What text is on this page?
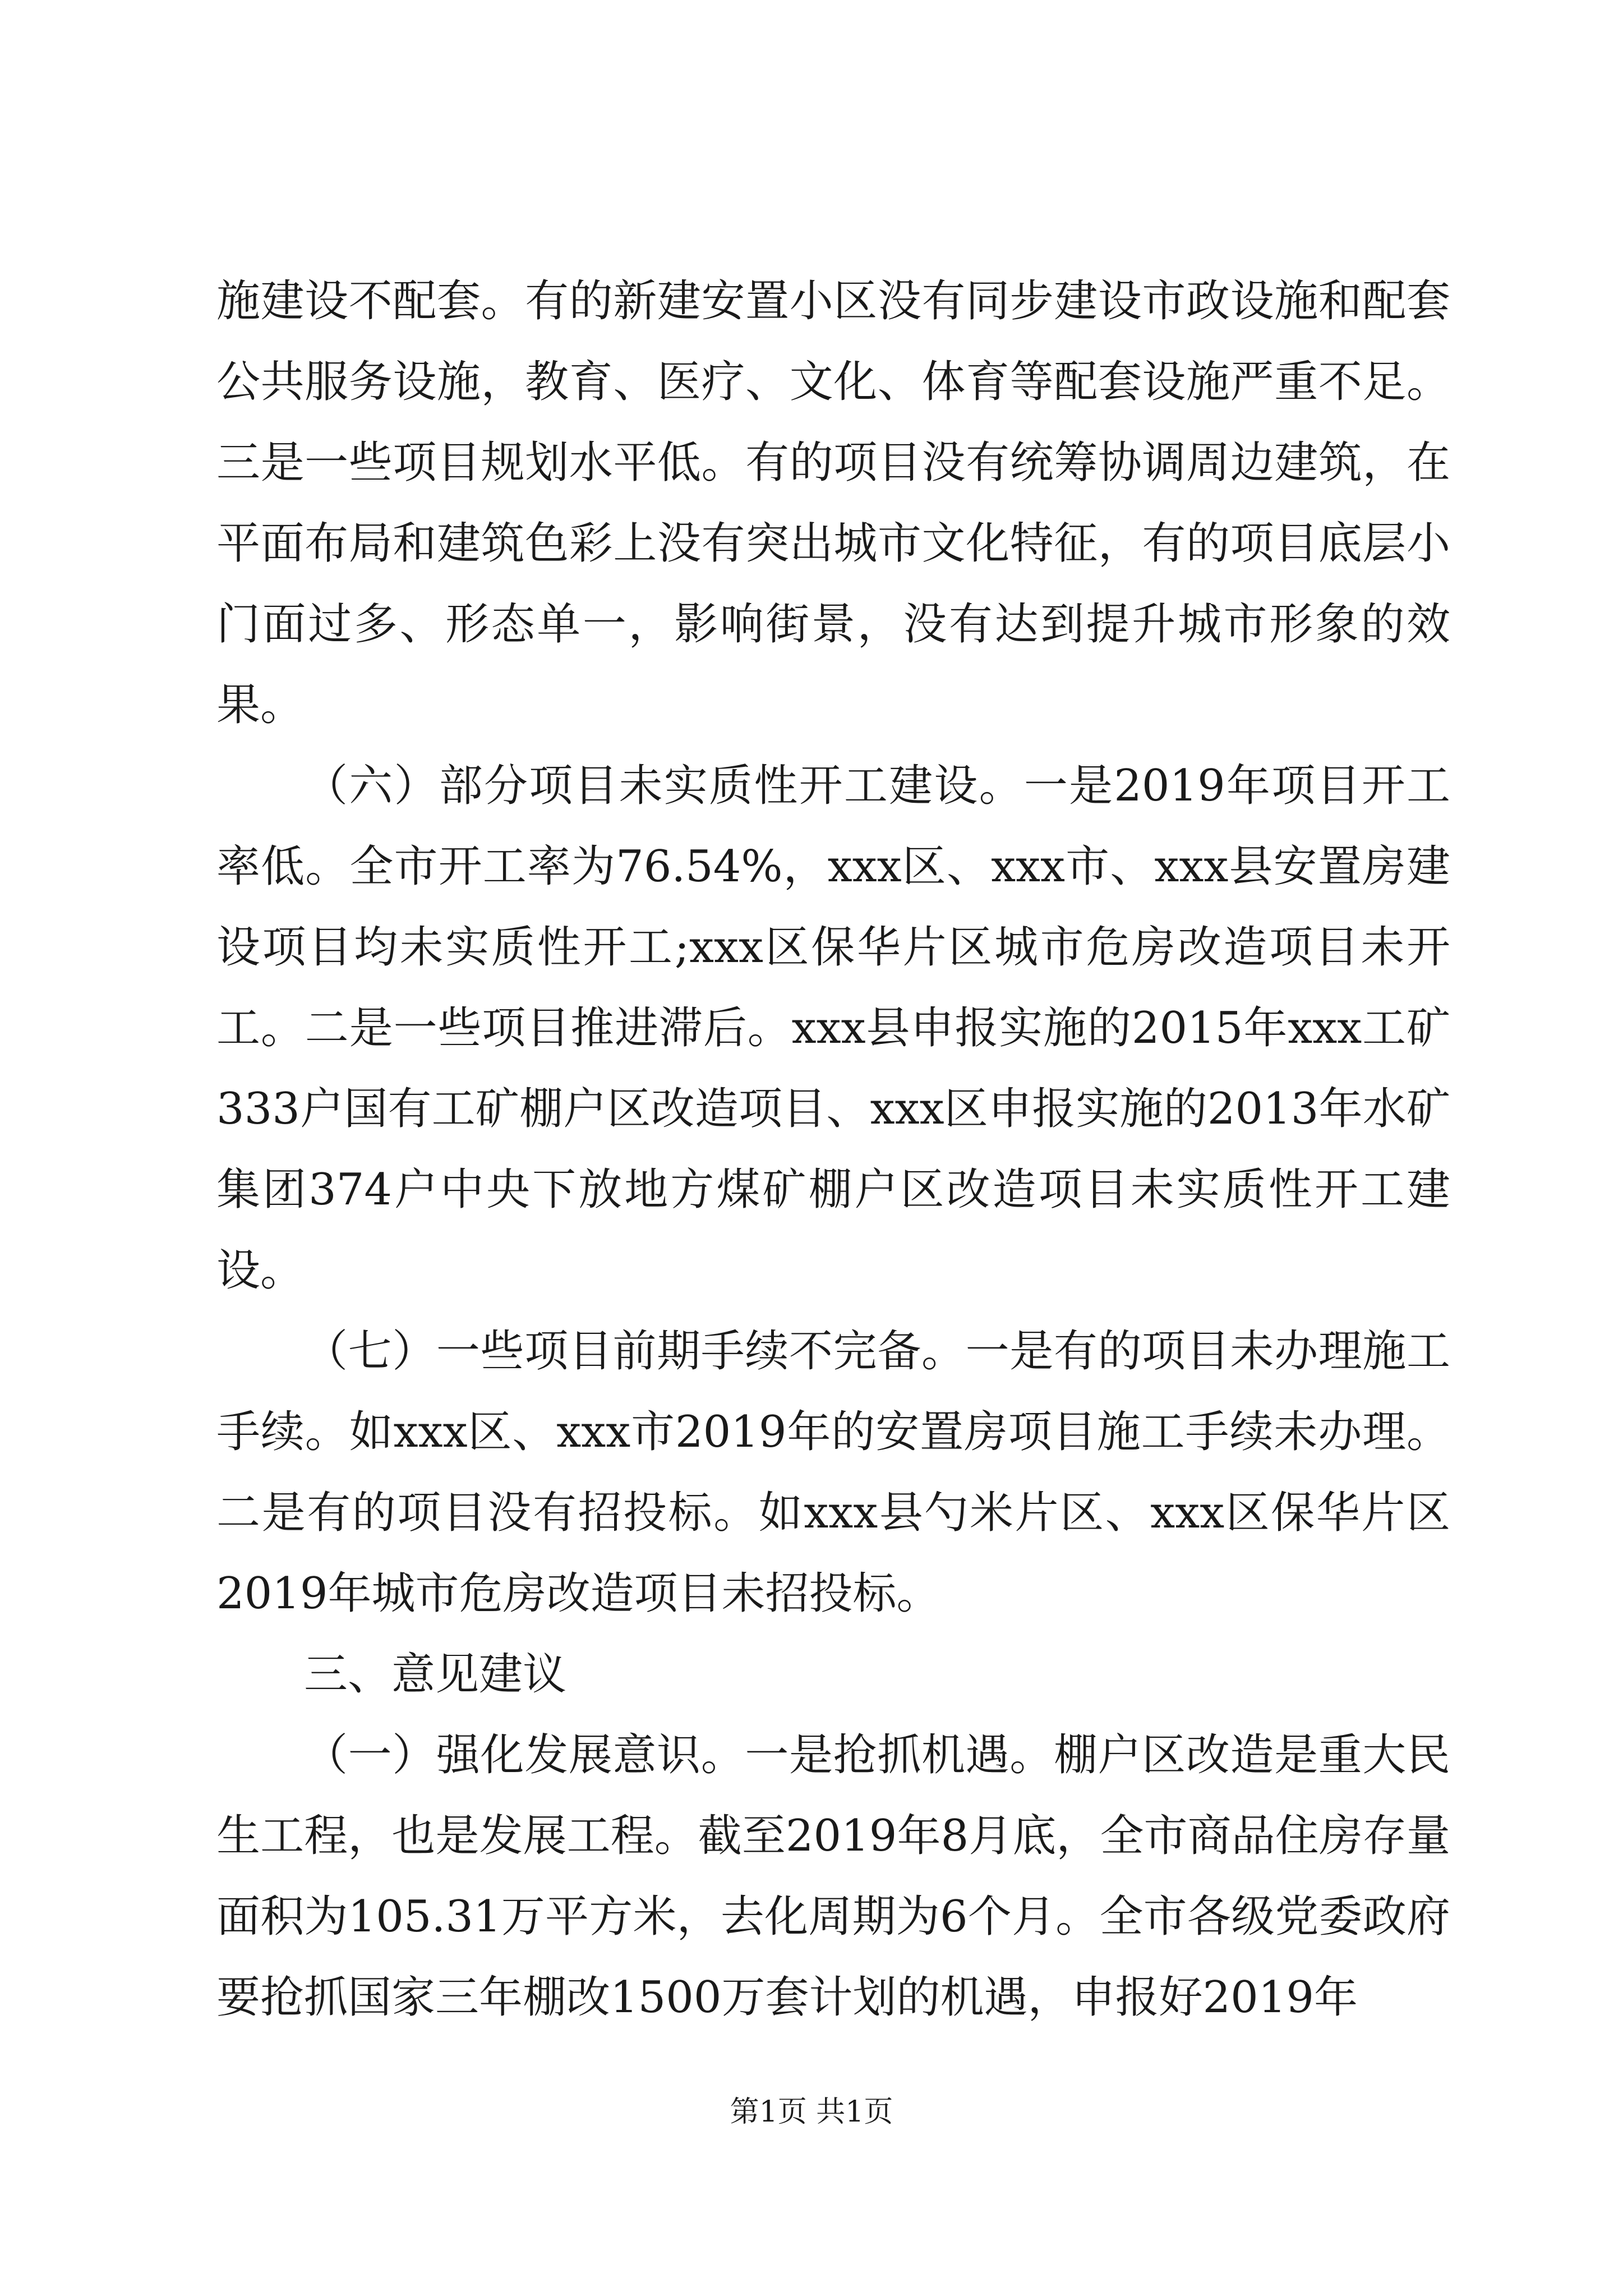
施建设不配套。有的新建安置小区没有同步建设市政设施和配套公共服务设施，教育、医疗、文化、体育等配套设施严重不足。三是一些项目规划水平低。有的项目没有统筹协调周边建筑，在平面布局和建筑色彩上没有突出城市文化特征，有的项目底层小门面过多、形态单一，影响街景，没有达到提升城市形象的效果。

（六）部分项目未实质性开工建设。一是2019年项目开工率低。全市开工率为76.54%，xxx区、xxx市、xxx县安置房建设项目均未实质性开工;xxx区保华片区城市危房改造项目未开工。二是一些项目推进滞后。xxx县申报实施的2015年xxx工矿333户国有工矿棚户区改造项目、xxx区申报实施的2013年水矿集团374户中央下放地方煤矿棚户区改造项目未实质性开工建设。

（七）一些项目前期手续不完备。一是有的项目未办理施工手续。如xxx区、xxx市2019年的安置房项目施工手续未办理。二是有的项目没有招投标。如xxx县勺米片区、xxx区保华片区2019年城市危房改造项目未招投标。

三、意见建议

（一）强化发展意识。一是抢抓机遇。棚户区改造是重大民生工程，也是发展工程。截至2019年8月底，全市商品住房存量面积为105.31万平方米，去化周期为6个月。全市各级党委政府要抢抓国家三年棚改1500万套计划的机遇，申报好2019年

第1页 共1页
